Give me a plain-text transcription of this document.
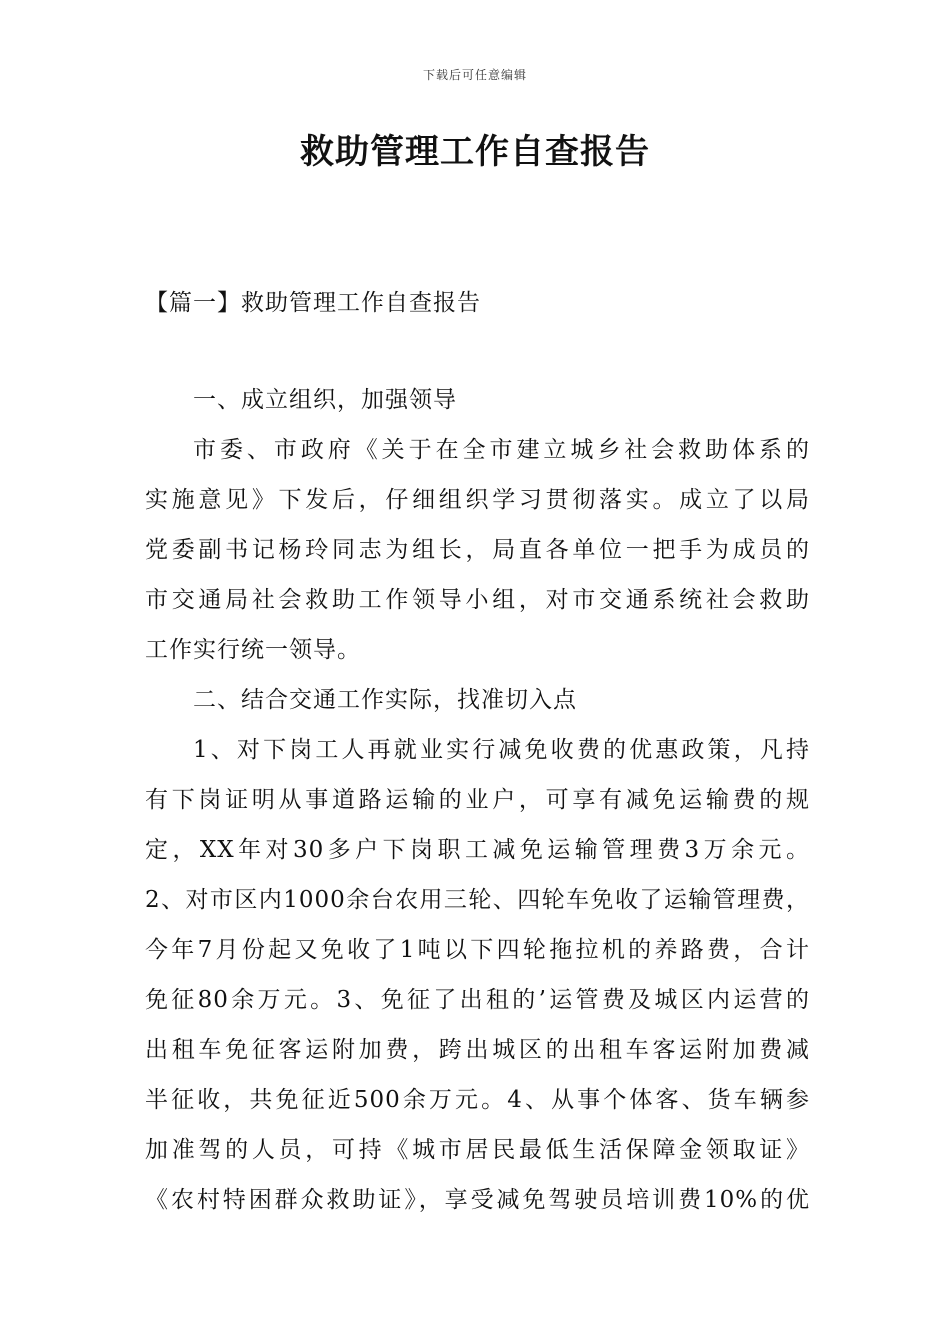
下载后可任意编辑
救助管理工作自查报告
【篇一】救助管理工作自查报告
一、成立组织，加强领导
市委、市政府《关于在全市建立城乡社会救助体系的
实施意见》下发后，仔细组织学习贯彻落实。成立了以局
党委副书记杨玲同志为组长，局直各单位一把手为成员的
市交通局社会救助工作领导小组，对市交通系统社会救助
工作实行统一领导。
二、结合交通工作实际，找准切入点
1、对下岗工人再就业实行减免收费的优惠政策，凡持
有下岗证明从事道路运输的业户，可享有减免运输费的规
定，XX年对30多户下岗职工减免运输管理费3万余元。
2、对市区内1000余台农用三轮、四轮车免收了运输管理费，
今年7月份起又免收了1吨以下四轮拖拉机的养路费，合计
免征80余万元。3、免征了出租的’运管费及城区内运营的
出租车免征客运附加费，跨出城区的出租车客运附加费减
半征收，共免征近500余万元。4、从事个体客、货车辆参
加准驾的人员，可持《城市居民最低生活保障金领取证》
《农村特困群众救助证》，享受减免驾驶员培训费10%的优
